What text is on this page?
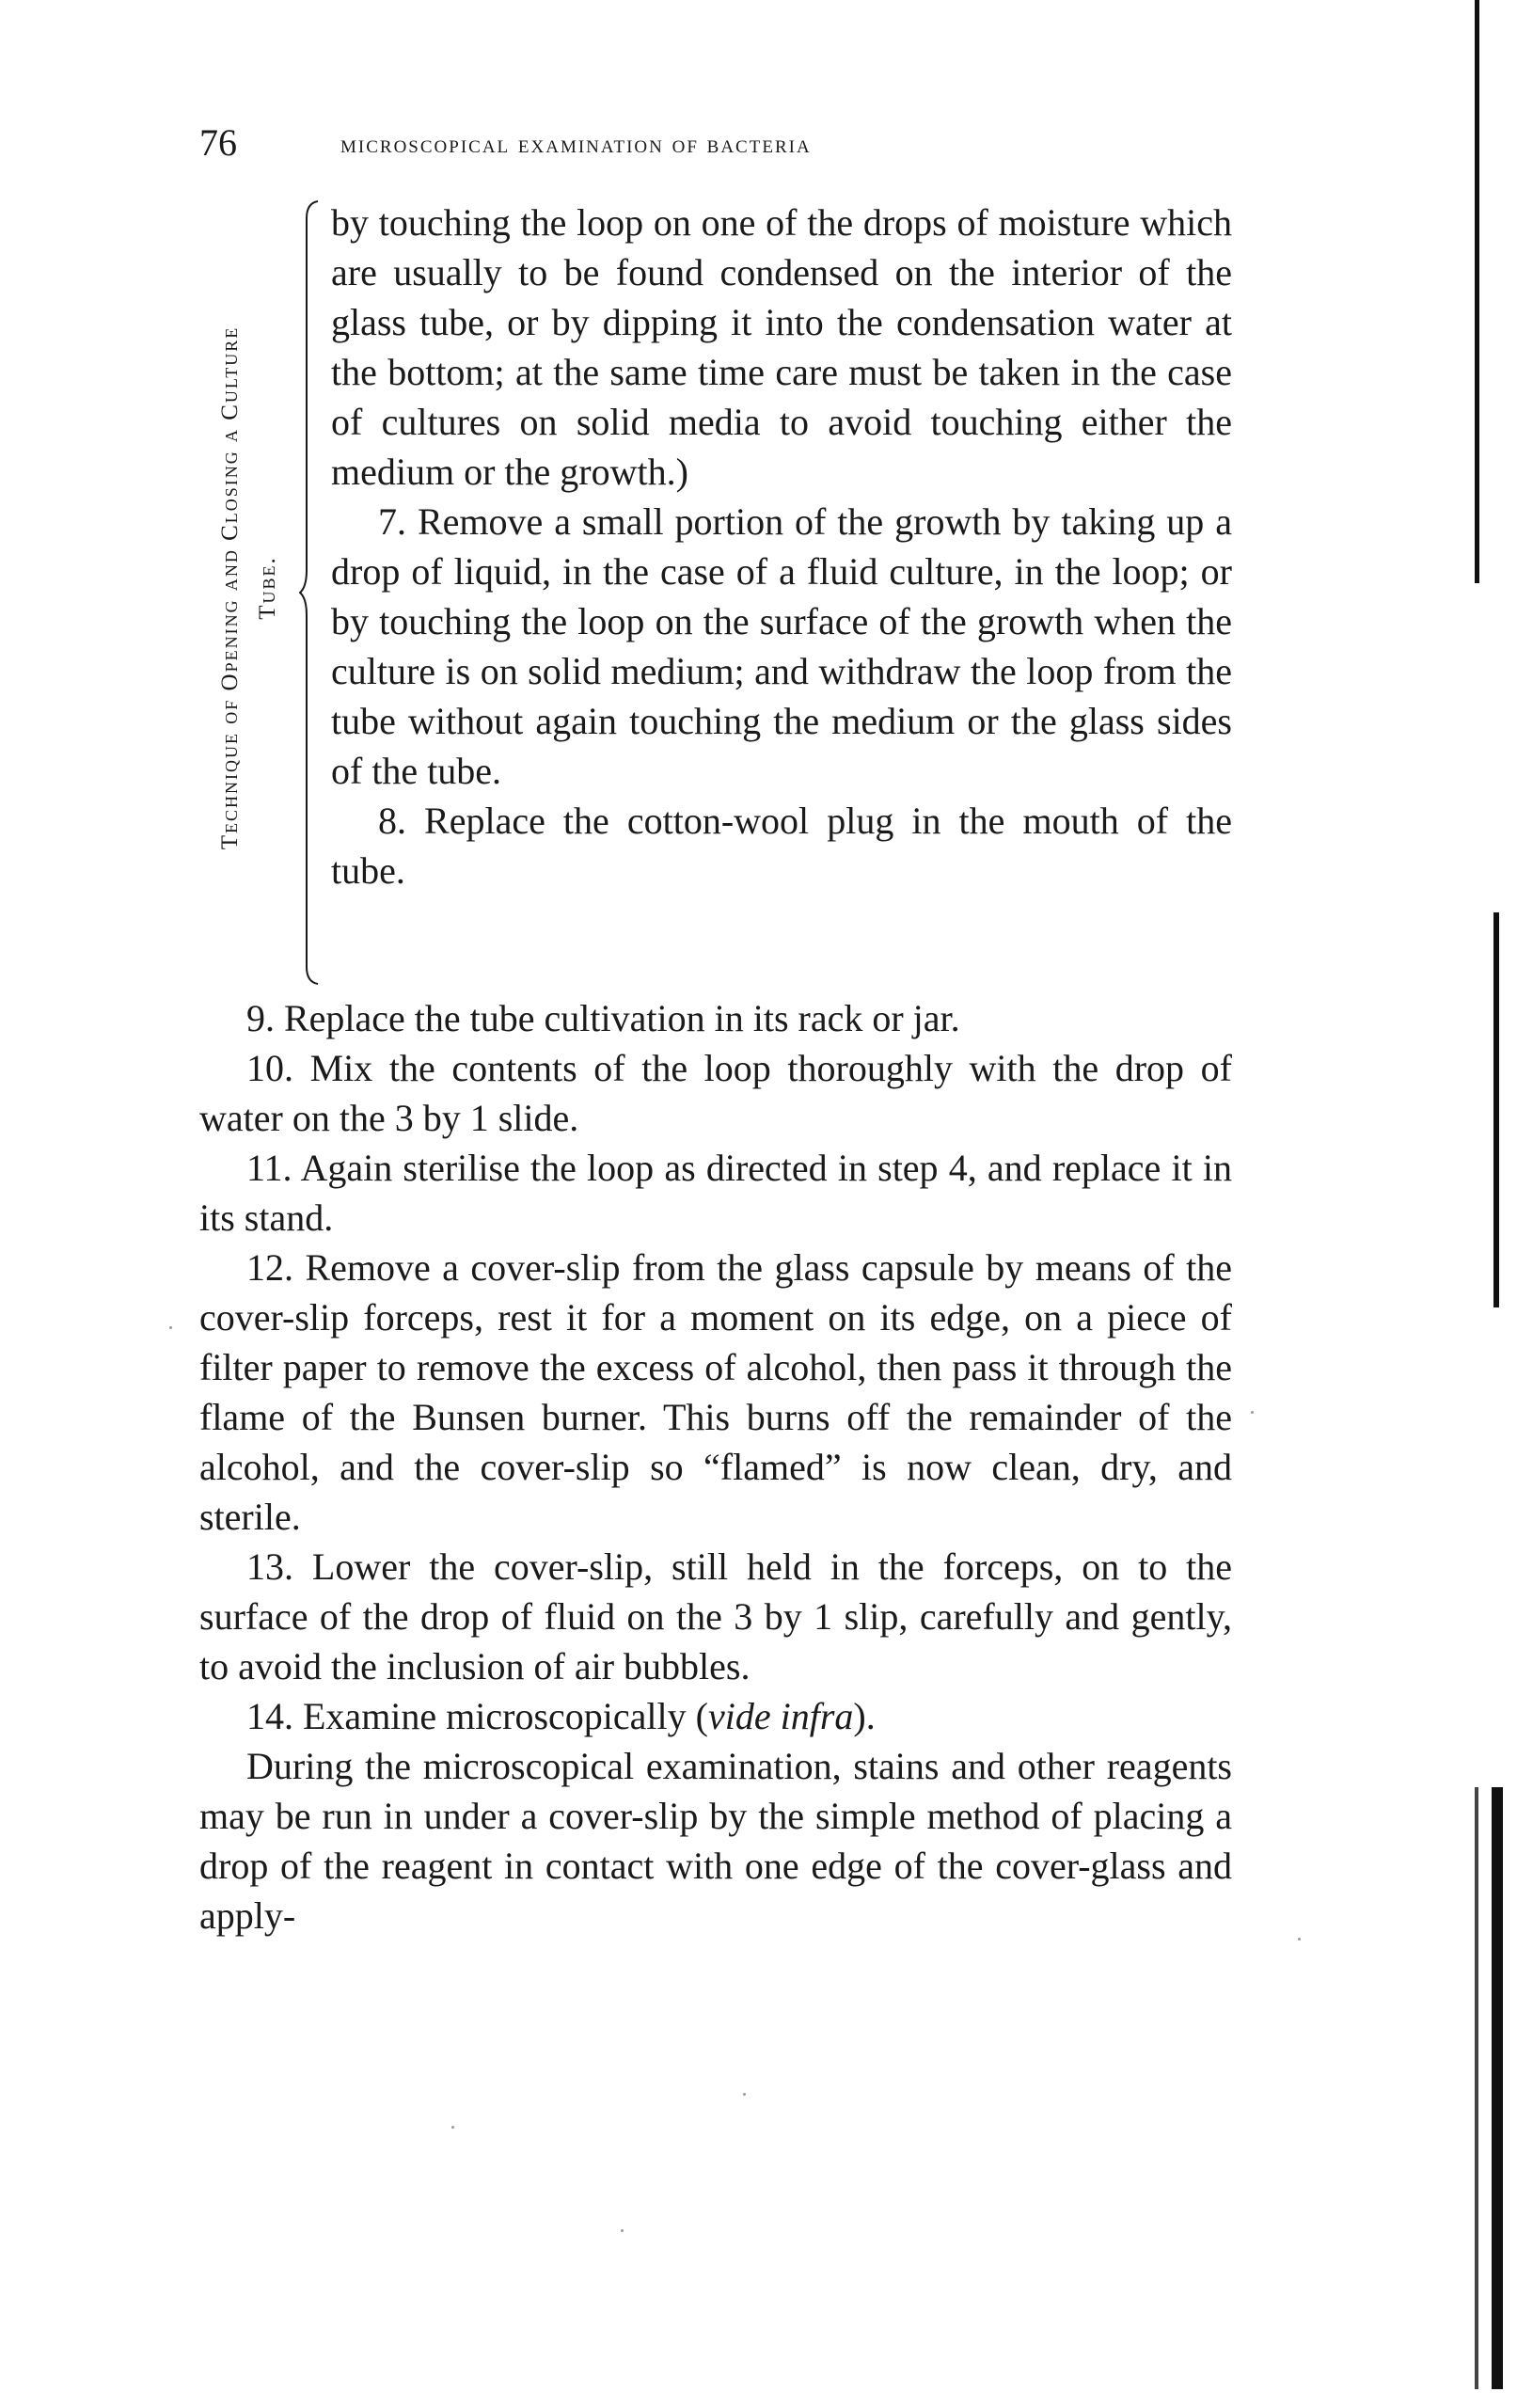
76	microscopical examination of bacteria
Technique of Opening and Closing a Culture Tube.

by touching the loop on one of the drops of moisture which are usually to be found condensed on the interior of the glass tube, or by dipping it into the condensation water at the bottom; at the same time care must be taken in the case of cultures on solid media to avoid touching either the medium or the growth.)

7. Remove a small portion of the growth by taking up a drop of liquid, in the case of a fluid culture, in the loop; or by touching the loop on the surface of the growth when the culture is on solid medium; and withdraw the loop from the tube without again touching the medium or the glass sides of the tube.

8. Replace the cotton-wool plug in the mouth of the tube.

9. Replace the tube cultivation in its rack or jar.

10. Mix the contents of the loop thoroughly with the drop of water on the 3 by 1 slide.

11. Again sterilise the loop as directed in step 4, and replace it in its stand.

12. Remove a cover-slip from the glass capsule by means of the cover-slip forceps, rest it for a moment on its edge, on a piece of filter paper to remove the excess of alcohol, then pass it through the flame of the Bunsen burner. This burns off the remainder of the alcohol, and the cover-slip so “flamed” is now clean, dry, and sterile.

13. Lower the cover-slip, still held in the forceps, on to the surface of the drop of fluid on the 3 by 1 slip, carefully and gently, to avoid the inclusion of air bubbles.

14. Examine microscopically (vide infra).

During the microscopical examination, stains and other reagents may be run in under a cover-slip by the simple method of placing a drop of the reagent in contact with one edge of the cover-glass and apply-
